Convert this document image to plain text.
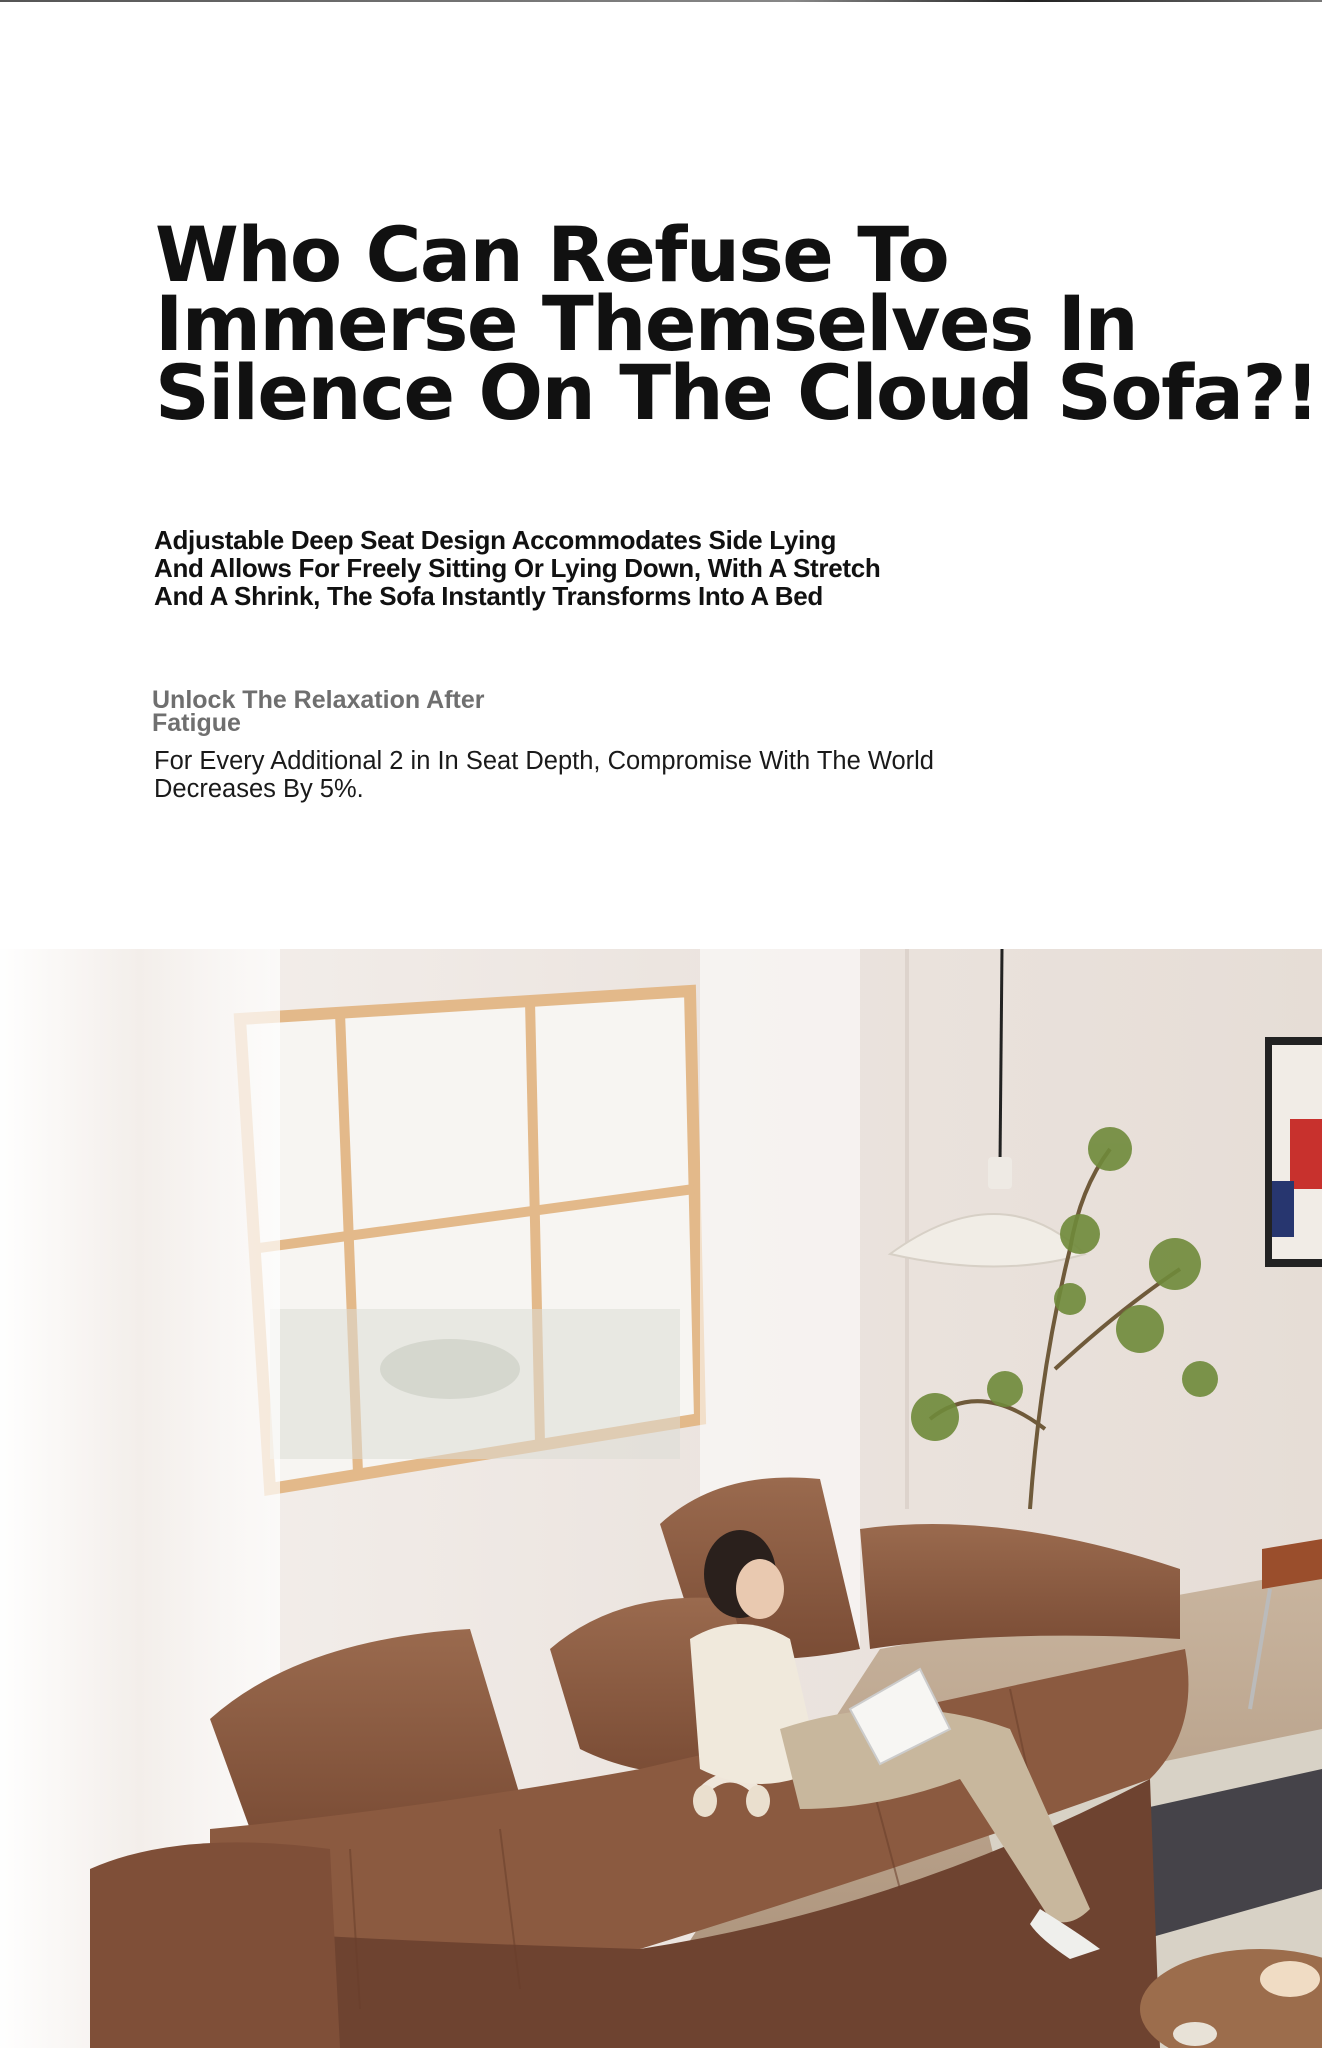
Who Can Refuse To
Immerse Themselves In
Silence On The Cloud Sofa?!

Adjustable Deep Seat Design Accommodates Side Lying
And Allows For Freely Sitting Or Lying Down, With A Stretch
And A Shrink, The Sofa Instantly Transforms Into A Bed

Unlock The Relaxation After
Fatigue

For Every Additional 2 in In Seat Depth, Compromise With The World
Decreases By 5%.
